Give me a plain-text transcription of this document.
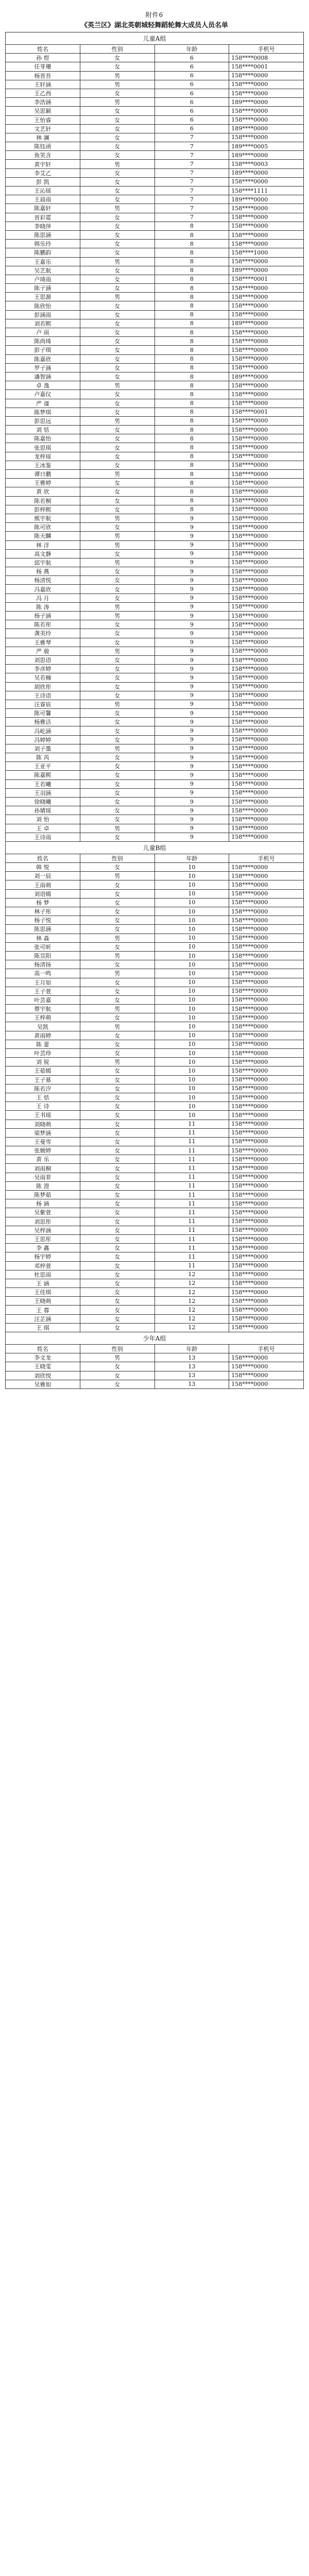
附件6
《英兰区》湖北英朝城轻舞蹈轮舞大成员人员名单
儿童A组			
姓名	性别	年龄	手机号
孙 煜	女	6	158****0008
任芽珊	女	6	158****0001
杨晋吾	男	6	158****0000
王轩涵	男	6	158****0000
王乙西	女	6	158****0000
李浩涵	男	6	189****0000
吴思颖	女	6	158****0000
王怡睿	女	6	158****0000
文艺轩	女	6	189****0000
林 澜	女	7	158****0000
陈钰函	女	7	189****0005
鱼笑含	女	7	189****0000
黄宇轩	男	7	158****0003
李艾乙	女	7	189****0000
彭 凯	女	7	158****0000
王沁瑶	女	7	158****1111
王晨雨	女	7	189****0000
陈嘉轩	男	7	158****0000
晋彩霓	女	7	158****0000
李晓萍	女	8	158****0000
陈思涵	女	8	158****0000
韩乐玲	女	8	158****0000
陈鹏韵	女	8	158****1000
王嘉乐	男	8	158****0000
吴艺航	女	8	189****0000
卢琦雨	女	8	158****0001
陈子涵	女	8	158****0000
王思源	男	8	158****0000
陈欣怡	女	8	158****0000
彭涵雨	女	8	158****0000
刘若熙	女	8	189****0000
卢 雨	女	8	158****0000
陈尚琦	女	8	158****0000
彭子琪	女	8	158****0000
陈嘉欣	女	8	158****0000
罗子涵	女	8	158****0000
潘智涵	女	8	189****0000
卓 逸	男	8	158****0000
卢嘉仪	女	8	158****0000
严 谨	女	8	158****0000
陈梦琪	女	8	158****0001
彭思远	男	8	158****0000
刘 恬	女	8	158****0000
陈嘉怡	女	8	158****0000
张思琪	女	8	158****0000
龙梓瑶	女	8	158****0000
王冰鉴	女	8	158****0000
谭日鹏	男	8	158****0000
王雅婷	女	8	158****0000
黄 欣	女	8	158****0000
陈若桐	女	8	158****0000
彭梓熙	女	8	158****0000
熊宇航	男	9	158****0000
陈可欣	女	9	158****0000
陈天麟	男	9	158****0000
林 洋	男	9	158****0000
高文静	女	9	158****0000
邱宇航	男	9	158****0000
杨 燕	女	9	158****0000
杨清悦	女	9	158****0000
冯嘉欣	女	9	158****0000
冯 月	女	9	158****0000
陈 涛	男	9	158****0000
杨子涵	男	9	158****0000
陈若彤	女	9	158****0000
龚美玲	女	9	158****0000
王雅琴	女	9	158****0000
严 骏	男	9	158****0000
刘思语	女	9	158****0000
李彦婷	女	9	158****0000
吴若楠	女	9	158****0000
胡欣彤	女	9	158****0000
王诗语	女	9	158****0000
汪睿宸	男	9	158****0000
陈可馨	女	9	158****0000
杨雅洁	女	9	158****0000
冯屹涵	女	9	158****0000
冯婷婷	女	9	158****0000
刘子墨	男	9	158****0000
陈 芮	女	9	158****0000
王亚平	女	9	158****0000
陈嘉熙	女	9	158****0000
王若曦	女	9	158****0000
王羽涵	女	9	158****0000
徐晓曦	女	9	158****0000
孙婧瑶	女	9	158****0000
刘 怡	女	9	158****0000
王 卓	男	9	158****0000
王诗雨	女	9	158****0000
儿童B组			
姓名	性别	年龄	手机号
韩 悦	女	10	158****0000
刘一辰	男	10	158****0000
王雨萌	女	10	158****0000
刘语嫣	女	10	158****0000
杨 梦	女	10	158****0000
林子彤	女	10	158****0000
杨子悦	女	10	158****0000
陈思涵	女	10	158****0000
林 淼	男	10	158****0000
张可昕	女	10	158****0000
陈昱阳	男	10	158****0000
杨清扬	女	10	158****0000
高一鸣	男	10	158****0000
王月如	女	10	158****0000
王子萱	女	10	158****0000
叶芸嘉	女	10	158****0000
蔡宇航	男	10	158****0000
王梓萌	女	10	158****0000
吴凯	男	10	158****0000
黄雨婷	女	10	158****0000
陈 蕾	女	10	158****0000
叶芸珍	女	10	158****0000
刘 锐	男	10	158****0000
王茹嫣	女	10	158****0000
王子慕	女	10	158****0000
陈若汐	女	10	158****0000
王 恬	女	10	158****0000
王 诗	女	10	158****0000
王书瑶	女	10	158****0000
刘晓萌	女	11	158****0000
梁梦涵	女	11	158****0000
王曼雪	女	11	158****0000
张婉婷	女	11	158****0000
黄 乐	女	11	158****0000
刘雨桐	女	11	158****0000
吴雨菲	女	11	158****0000
陈 澄	女	11	158****0000
陈梦茹	女	11	158****0000
杨 涵	女	11	158****0000
吴紫萱	女	11	158****0000
刘思彤	女	11	158****0000
吴梓涵	女	11	158****0000
王思彤	女	11	158****0000
李 鑫	女	11	158****0000
杨宇婷	女	11	158****0000
邓梓萱	女	11	158****0000
杜思雨	女	12	158****0000
王 涵	女	12	158****0000
王佳琪	女	12	158****0000
王晓萌	女	12	158****0000
王 蓉	女	12	158****0000
汪芷涵	女	12	158****0000
王 琪	女	12	158****0000
少年A组			
姓名	性别	年龄	手机号
李文龙	男	13	158****0000
王晓雯	女	13	158****0000
刘欣悦	女	13	158****0000
吴雅如	女	13	158****0000
